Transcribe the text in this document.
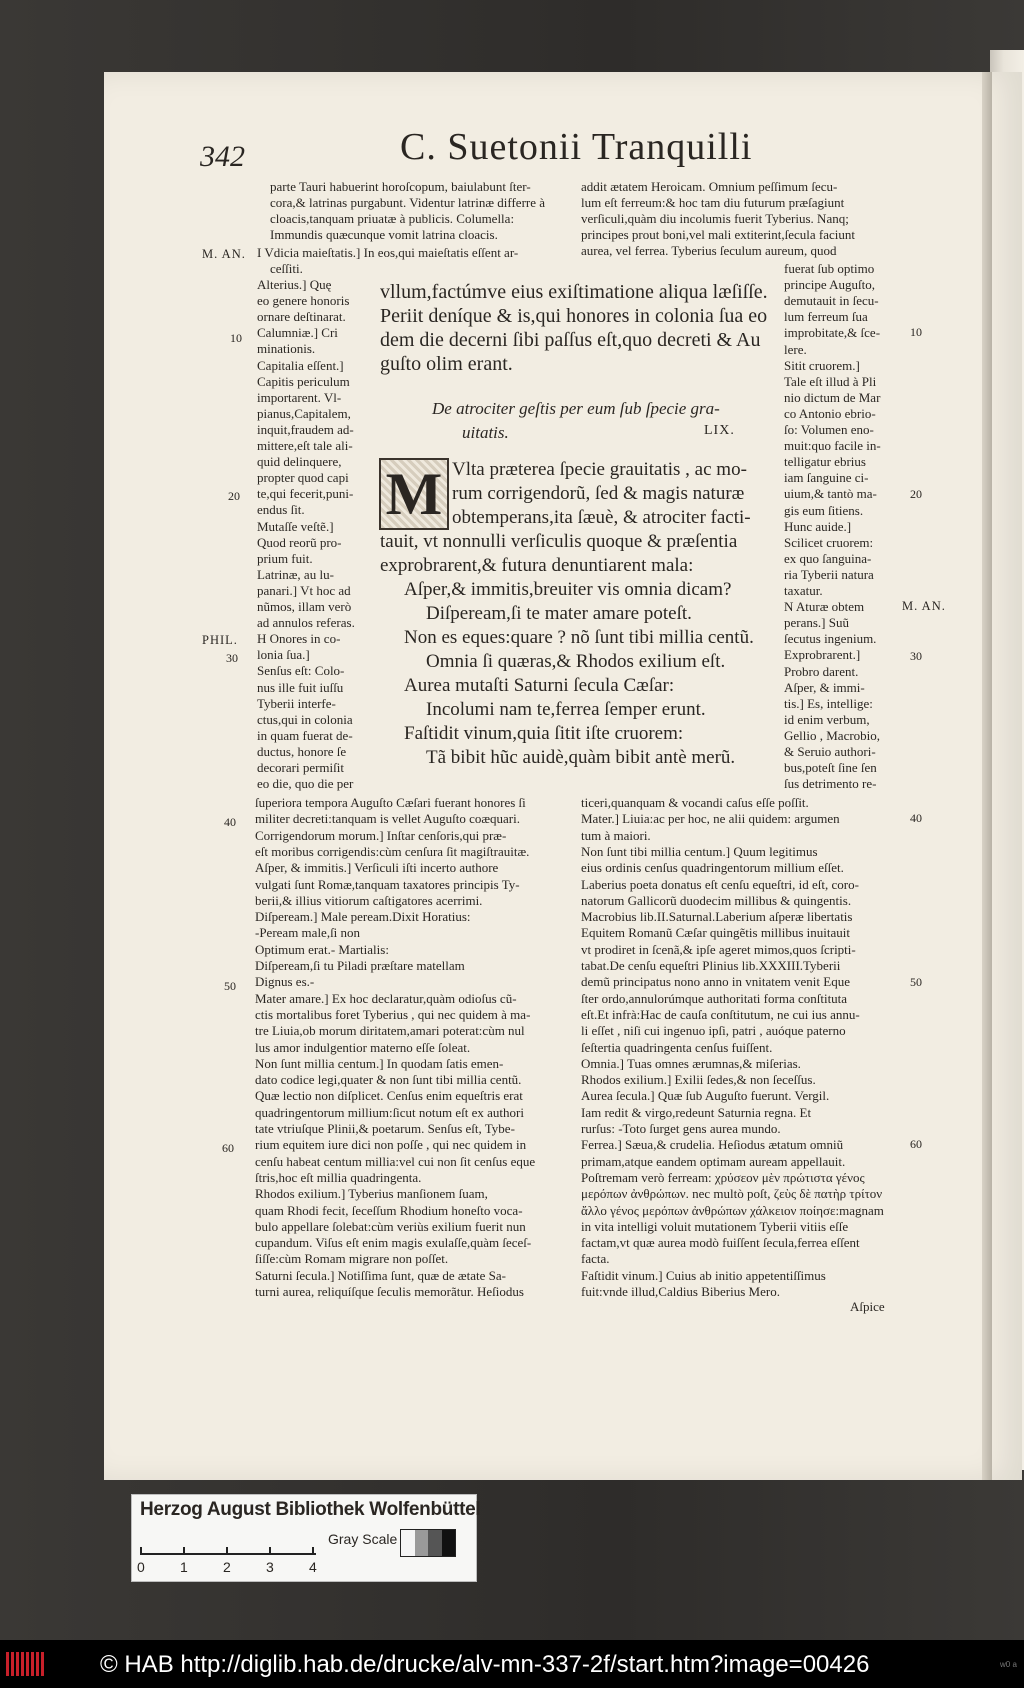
342	C. Suetonii Tranquilli
parte Tauri habuerint horoſcopum, baiulabunt ſter-
cora,& latrinas purgabunt. Videntur latrinæ differre à
cloacis,tanquam priuatæ à publicis. Columella:
Immundis quæcunque vomit latrina cloacis.
addit ætatem Heroicam. Omnium peſſimum ſecu-
lum eſt ferreum:& hoc tam diu futurum præſagiunt
verſiculi,quàm diu incolumis fuerit Tyberius. Nanq;
principes prout boni,vel mali extiterint,ſecula faciunt
aurea, vel ferrea. Tyberius ſeculum aureum, quod
I Vdicia maieſtatis.] In eos,qui maieſtatis eſſent ar-
ceſſiti.
M. AN.
PHIL.
M. AN.
10
20
30
40
50
60
10
20
30
40
50
60
Alterius.] Quę
eo genere honoris
ornare deſtinarat.
Calumniæ.] Cri
minationis.
Capitalia eſſent.]
Capitis periculum
importarent. Vl-
pianus,Capitalem,
inquit,fraudem ad-
mittere,eſt tale ali-
quid delinquere,
propter quod capi
te,qui fecerit,puni-
endus ſit.
Mutaſſe veſtẽ.]
Quod reorũ pro-
prium fuit.
Latrinæ, au lu-
panari.] Vt hoc ad
nũmos, illam verò
ad annulos referas.
H Onores in co-
lonia ſua.]
Senſus eſt: Colo-
nus ille fuit iuſſu
Tyberii interfe-
ctus,qui in colonia
in quam fuerat de-
ductus, honore ſe
decorari permiſit
eo die, quo die per
fuerat ſub optimo
principe Auguſto,
demutauit in ſecu-
lum ferreum ſua
improbitate,& ſce-
lere.
Sitit cruorem.]
Tale eſt illud à Pli
nio dictum de Mar
co Antonio ebrio-
ſo: Volumen eno-
muit:quo facile in-
telligatur ebrius
iam ſanguine ci-
uium,& tantò ma-
gis eum ſitiens.
Hunc auide.]
Scilicet cruorem:
ex quo ſanguina-
ria Tyberii natura
taxatur.
N Aturæ obtem
perans.] Suũ
ſecutus ingenium.
Exprobrarent.]
Probro darent.
Aſper, & immi-
tis.] Es, intellige:
id enim verbum,
Gellio , Macrobio,
& Seruio authori-
bus,poteſt ſine ſen
ſus detrimento re-
vllum,factúmve eius exiſtimatione aliqua læſiſſe.
Periit deníque & is,qui honores in colonia ſua eo
dem die decerni ſibi paſſus eſt,quo decreti & Au
guſto olim erant.
De atrociter geſtis per eum ſub ſpecie gra-
uitatis.	LIX.
M Vlta præterea ſpecie grauitatis , ac mo-
rum corrigendorũ, ſed & magis naturæ
obtemperans,ita ſæuè, & atrociter facti-
tauit, vt nonnulli verſiculis quoque & præſentia
exprobrarent,& futura denuntiarent mala:
Aſper,& immitis,breuiter vis omnia dicam?
Diſpeream,ſi te mater amare poteſt.
Non es eques:quare ? nõ ſunt tibi millia centũ.
Omnia ſi quæras,& Rhodos exilium eſt.
Aurea mutaſti Saturni ſecula Cæſar:
Incolumi nam te,ferrea ſemper erunt.
Faſtidit vinum,quia ſitit iſte cruorem:
Tã bibit hũc auidè,quàm bibit antè merũ.
ſuperiora tempora Auguſto Cæſari fuerant honores ſi
militer decreti:tanquam is vellet Auguſto coæquari.
Corrigendorum morum.] Inſtar cenſoris,qui præ-
eſt moribus corrigendis:cùm cenſura ſit magiſtrauitæ.
Aſper, & immitis.] Verſiculi iſti incerto authore
vulgati ſunt Romæ,tanquam taxatores principis Ty-
berii,& illius vitiorum caſtigatores acerrimi.
Diſpeream.] Male peream.Dixit Horatius:
-Peream male,ſi non
Optimum erat.- Martialis:
Diſpeream,ſi tu Piladi præſtare matellam
Dignus es.-
Mater amare.] Ex hoc declaratur,quàm odioſus cũ-
ctis mortalibus foret Tyberius , qui nec quidem à ma-
tre Liuia,ob morum diritatem,amari poterat:cùm nul
lus amor indulgentior materno eſſe ſoleat.
Non ſunt millia centum.] In quodam ſatis emen-
dato codice legi,quater & non ſunt tibi millia centũ.
Quæ lectio non diſplicet. Cenſus enim equeſtris erat
quadringentorum millium:ſicut notum eſt ex authori
tate vtriuſque Plinii,& poetarum. Senſus eſt, Tybe-
rium equitem iure dici non poſſe , qui nec quidem in
cenſu habeat centum millia:vel cui non ſit cenſus eque
ſtris,hoc eſt millia quadringenta.
Rhodos exilium.] Tyberius manſionem ſuam,
quam Rhodi fecit, ſeceſſum Rhodium honeſto voca-
bulo appellare ſolebat:cùm veriùs exilium fuerit nun
cupandum. Viſus eſt enim magis exulaſſe,quàm ſeceſ-
ſiſſe:cùm Romam migrare non poſſet.
Saturni ſecula.] Notiſſima ſunt, quæ de ætate Sa-
turni aurea, reliquíſque ſeculis memorãtur. Heſiodus
ticeri,quanquam & vocandi caſus eſſe poſſit.
Mater.] Liuia:ac per hoc, ne alii quidem: argumen
tum à maiori.
Non ſunt tibi millia centum.] Quum legitimus
eius ordinis cenſus quadringentorum millium eſſet.
Laberius poeta donatus eſt cenſu equeſtri, id eſt, coro-
natorum Gallicorũ duodecim millibus & quingentis.
Macrobius lib.II.Saturnal.Laberium aſperæ libertatis
Equitem Romanũ Cæſar quingẽtis millibus inuitauit
vt prodiret in ſcenã,& ipſe ageret mimos,quos ſcripti-
tabat.De cenſu equeſtri Plinius lib.XXXIII.Tyberii
demũ principatus nono anno in vnitatem venit Eque
ſter ordo,annulorúmque authoritati forma conſtituta
eſt.Et infrà:Hac de cauſa conſtitutum, ne cui ius annu-
li eſſet , niſi cui ingenuo ipſi, patri , auóque paterno
ſeſtertia quadringenta cenſus fuiſſent.
Omnia.] Tuas omnes ærumnas,& miſerias.
Rhodos exilium.] Exilii ſedes,& non ſeceſſus.
Aurea ſecula.] Quæ ſub Auguſto fuerunt. Vergil.
Iam redit & virgo,redeunt Saturnia regna. Et
rurſus: -Toto ſurget gens aurea mundo.
Ferrea.] Sæua,& crudelia. Heſiodus ætatum omniũ
primam,atque eandem optimam auream appellauit.
Poſtremam verò ferream: χρύσεον μὲν πρώτιστα γένος
μερόπων ἀνθρώπων. nec multò poſt, ζεὺς δὲ πατὴρ τρίτον
ἄλλο γένος μερόπων ἀνθρώπων χάλκειον ποίησε:magnam
in vita intelligi voluit mutationem Tyberii vitiis eſſe
factam,vt quæ aurea modò fuiſſent ſecula,ferrea eſſent
facta.
Faſtidit vinum.] Cuius ab initio appetentiſſimus
fuit:vnde illud,Caldius Biberius Mero.
Aſpice
Herzog August Bibliothek Wolfenbüttel
Gray Scale
0	1	2	3	4
© HAB http://diglib.hab.de/drucke/alv-mn-337-2f/start.htm?image=00426	w0 a
